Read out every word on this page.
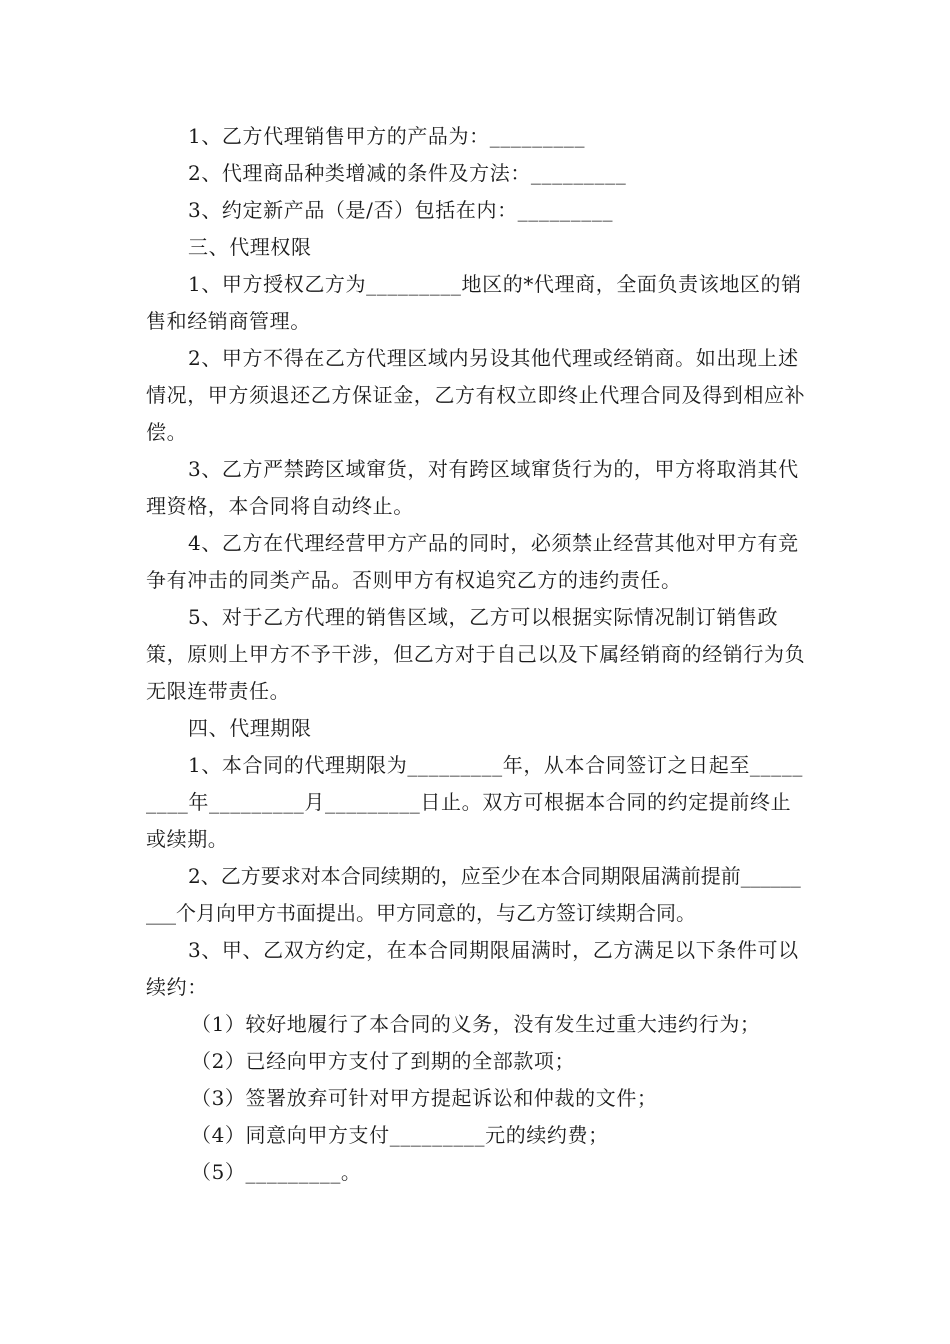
1、乙方代理销售甲方的产品为：_________

2、代理商品种类增减的条件及方法：_________

3、约定新产品（是/否）包括在内：_________

三、代理权限

1、甲方授权乙方为_________地区的*代理商，全面负责该地区的销售和经销商管理。

2、甲方不得在乙方代理区域内另设其他代理或经销商。如出现上述情况，甲方须退还乙方保证金，乙方有权立即终止代理合同及得到相应补偿。

3、乙方严禁跨区域窜货，对有跨区域窜货行为的，甲方将取消其代理资格，本合同将自动终止。

4、乙方在代理经营甲方产品的同时，必须禁止经营其他对甲方有竞争有冲击的同类产品。否则甲方有权追究乙方的违约责任。

5、对于乙方代理的销售区域，乙方可以根据实际情况制订销售政策，原则上甲方不予干涉，但乙方对于自己以及下属经销商的经销行为负无限连带责任。

四、代理期限

1、本合同的代理期限为_________年，从本合同签订之日起至_________年_________月_________日止。双方可根据本合同的约定提前终止或续期。

2、乙方要求对本合同续期的，应至少在本合同期限届满前提前_________个月向甲方书面提出。甲方同意的，与乙方签订续期合同。

3、甲、乙双方约定，在本合同期限届满时，乙方满足以下条件可以续约：

（1）较好地履行了本合同的义务，没有发生过重大违约行为；

（2）已经向甲方支付了到期的全部款项；

（3）签署放弃可针对甲方提起诉讼和仲裁的文件；

（4）同意向甲方支付_________元的续约费；

（5）_________。
